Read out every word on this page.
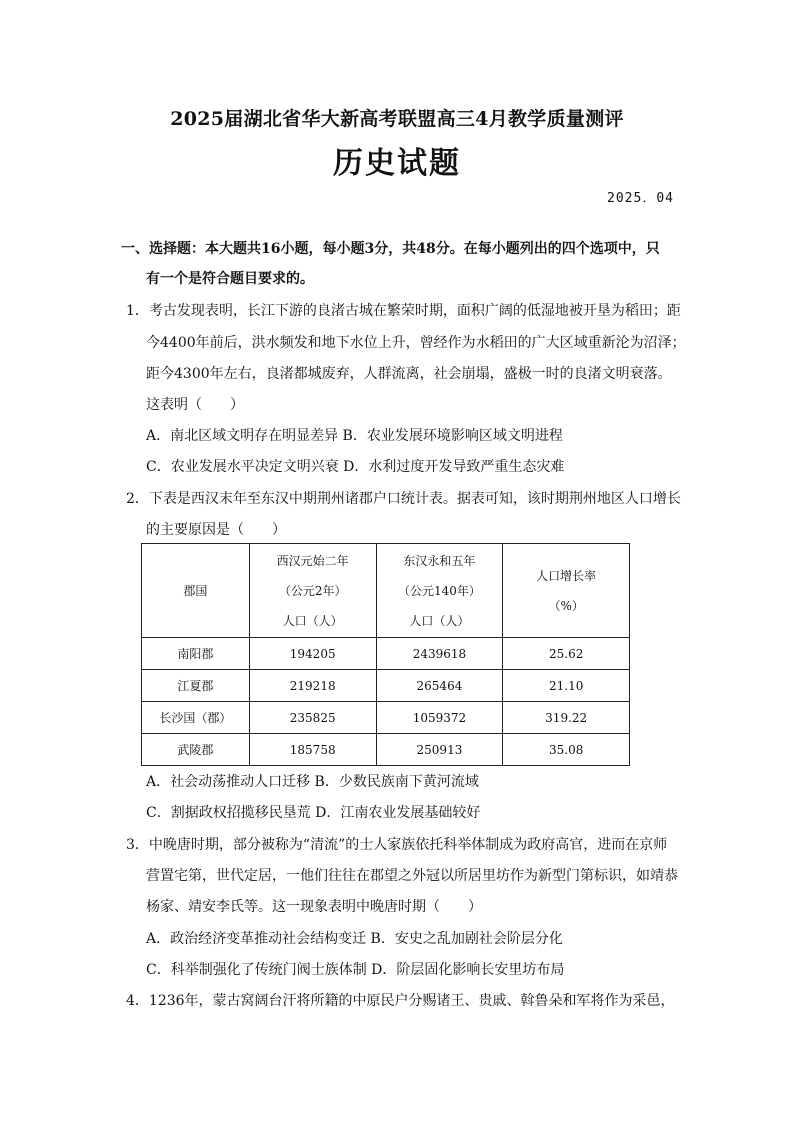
2025届湖北省华大新高考联盟高三4月教学质量测评
历史试题
2025．04
一、选择题：本大题共16小题，每小题3分，共48分。在每小题列出的四个选项中，只
有一个是符合题目要求的。
1．考古发现表明，长江下游的良渚古城在繁荣时期，面积广阔的低湿地被开垦为稻田；距
今4400年前后，洪水频发和地下水位上升，曾经作为水稻田的广大区域重新沦为沼泽；
距今4300年左右，良渚都城废弃，人群流离，社会崩塌，盛极一时的良渚文明衰落。
这表明（　　）
A．南北区域文明存在明显差异 B．农业发展环境影响区域文明进程
C．农业发展水平决定文明兴衰 D．水利过度开发导致严重生态灾难
2．下表是西汉末年至东汉中期荆州诸郡户口统计表。据表可知，该时期荆州地区人口增长
的主要原因是（　　）
郡国	西汉元始二年
（公元2年）
人口（人）	东汉永和五年
（公元140年）
人口（人）	人口增长率
（%）
南阳郡	194205	2439618	25.62
江夏郡	219218	265464	21.10
长沙国（郡）	235825	1059372	319.22
武陵郡	185758	250913	35.08
A．社会动荡推动人口迁移 B．少数民族南下黄河流域
C．割据政权招揽移民垦荒 D．江南农业发展基础较好
3．中晚唐时期，部分被称为“清流”的士人家族依托科举体制成为政府高官，进而在京师
营置宅第，世代定居，一他们往往在郡望之外冠以所居里坊作为新型门第标识，如靖恭
杨家、靖安李氏等。这一现象表明中晚唐时期（　　）
A．政治经济变革推动社会结构变迁 B．安史之乱加剧社会阶层分化
C．科举制强化了传统门阀士族体制 D．阶层固化影响长安里坊布局
4．1236年，蒙古窝阔台汗将所籍的中原民户分赐诸王、贵戚、斡鲁朵和军将作为采邑，
